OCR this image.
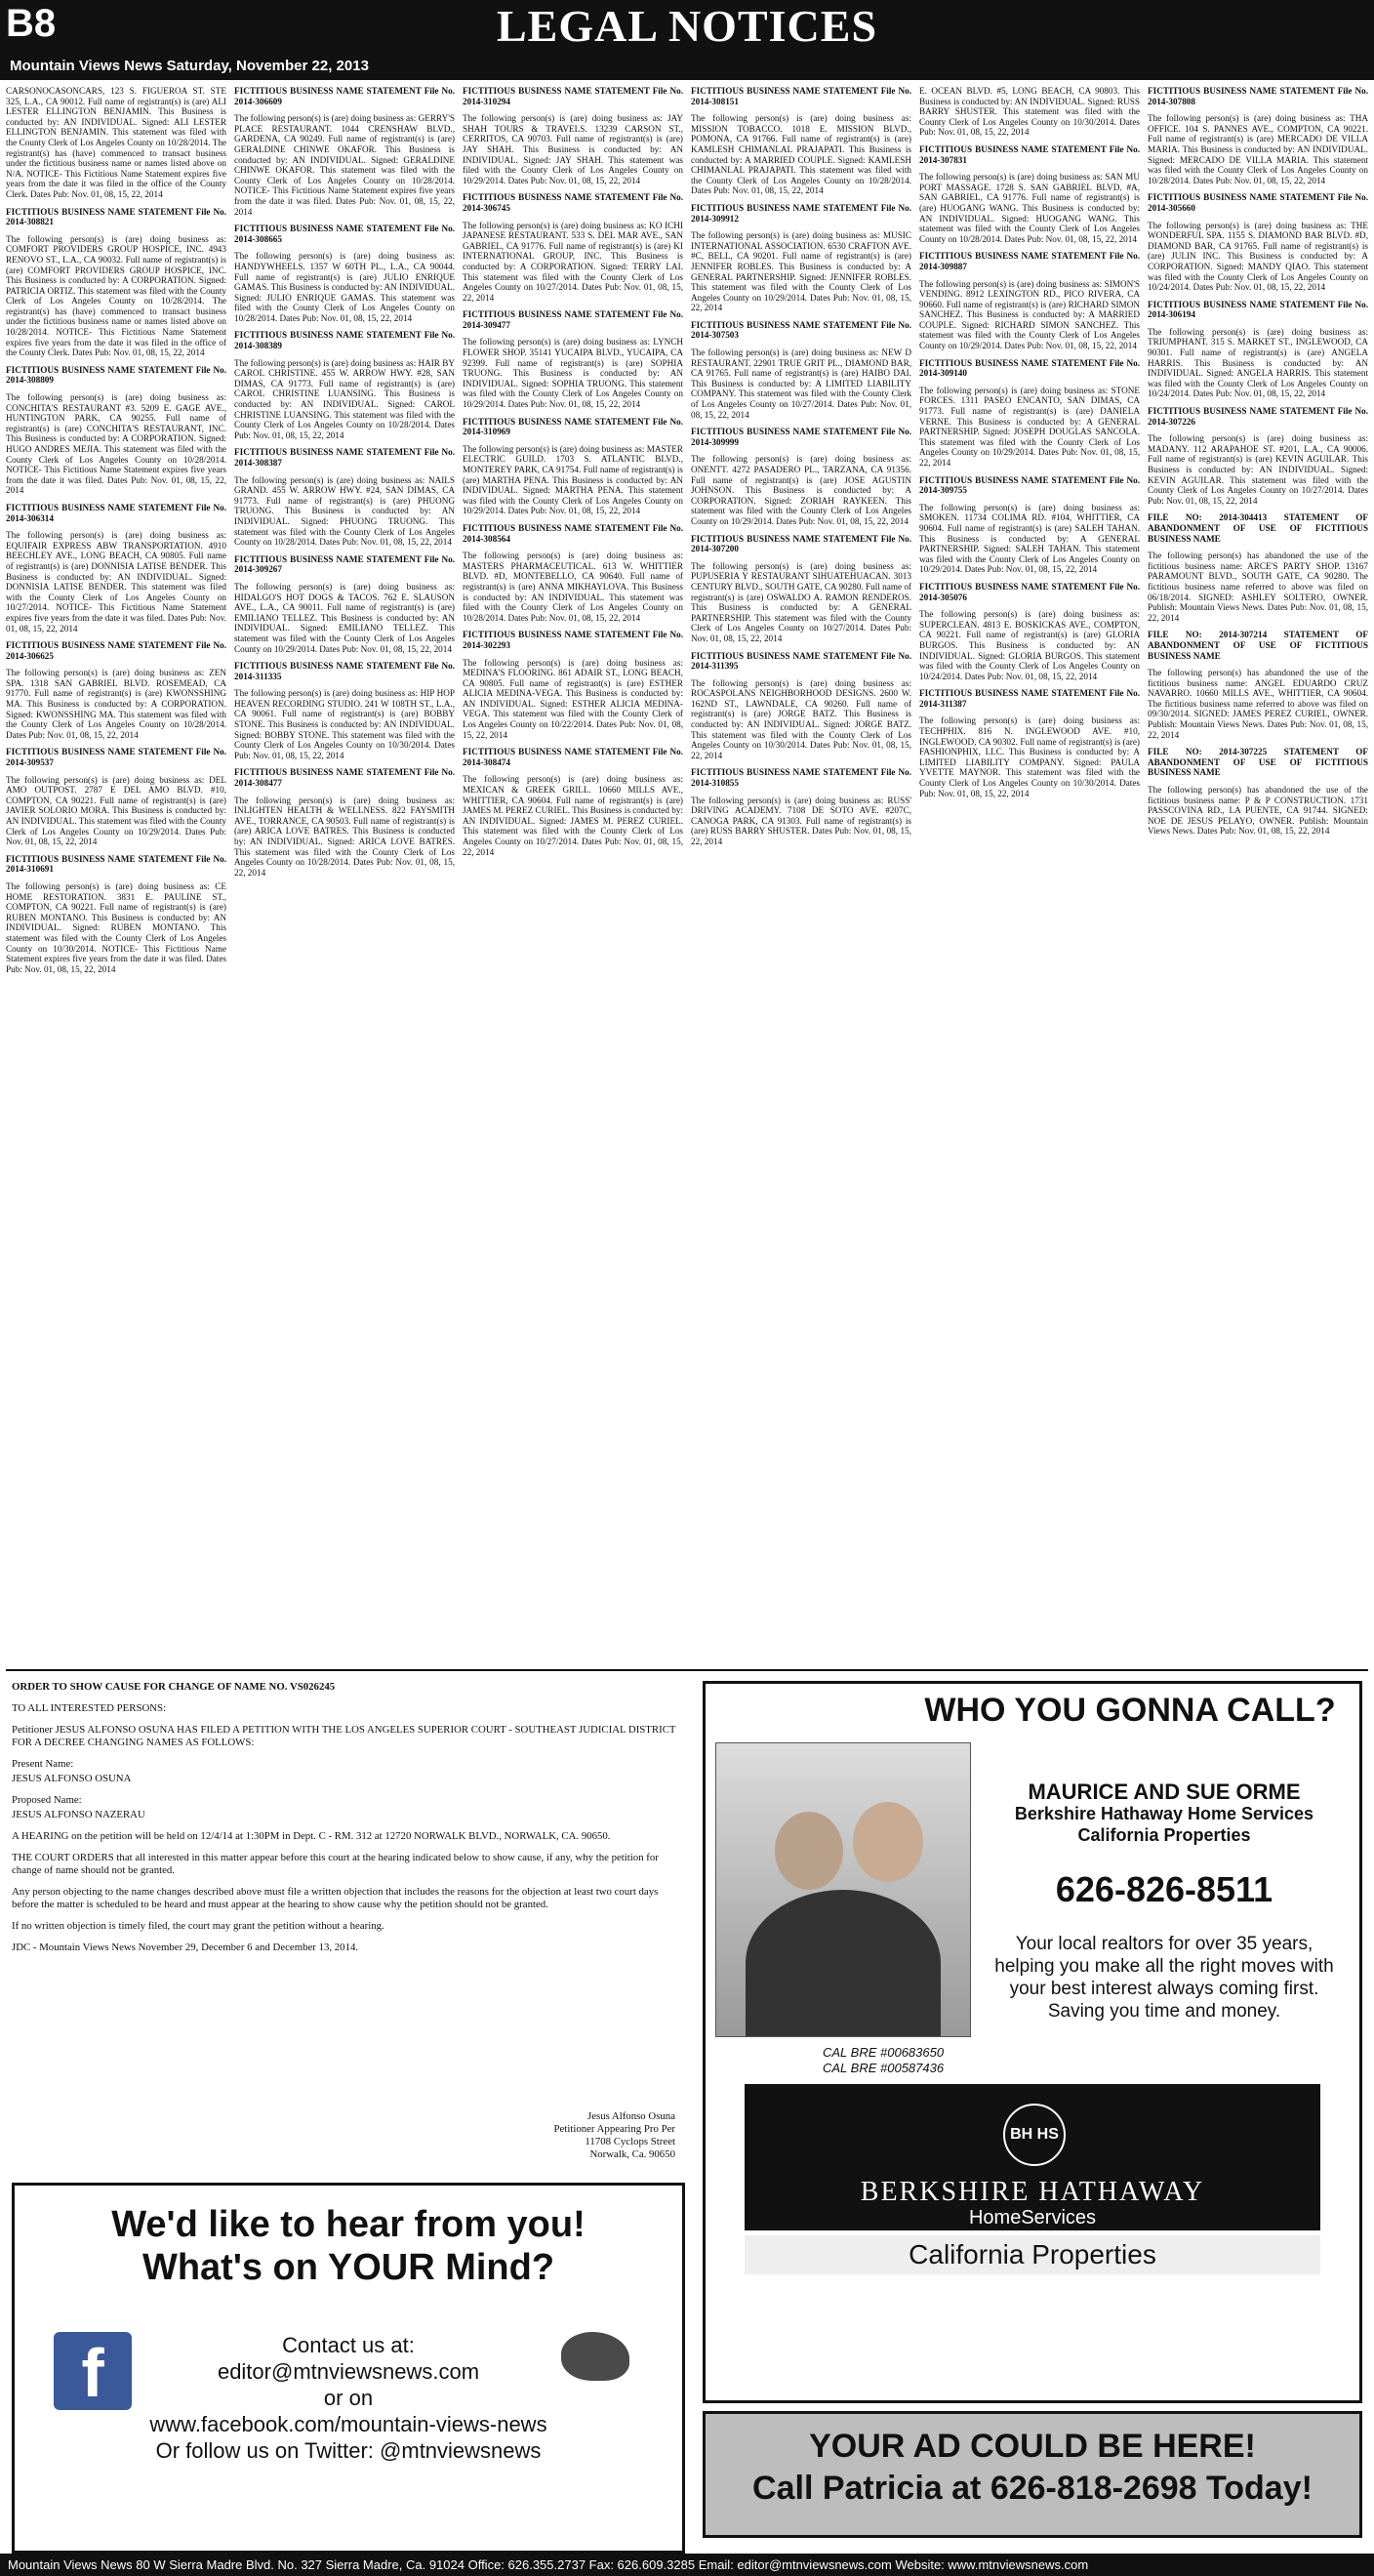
B8	LEGAL NOTICES
Mountain Views News Saturday, November 22, 2013

CARSONOCASONCARS, 123 S. FIGUEROA ST. STE 325, L.A., CA 90012. Full name of registrant(s) is (are) ALI LESTER ELLINGTON BENJAMIN. This Business is conducted by: AN INDIVIDUAL. Signed: ALI LESTER ELLINGTON BENJAMIN. This statement was filed with the County Clerk of Los Angeles County on 10/28/2014. The registrant(s) has (have) commenced to transact business under the fictitious business name or names listed above on N/A. NOTICE- This Fictitious Name Statement expires five years from the date it was filed in the office of the County Clerk. Dates Pub: Nov. 01, 08, 15, 22, 2014

FICTITIOUS BUSINESS NAME STATEMENT File No. 2014-308821

The following person(s) is (are) doing business as: COMFORT PROVIDERS GROUP HOSPICE, INC. 4943 RENOVO ST., L.A., CA 90032. Full name of registrant(s) is (are) COMFORT PROVIDERS GROUP HOSPICE, INC. This Business is conducted by: A CORPORATION. Signed: PATRICIA ORTIZ. This statement was filed with the County Clerk of Los Angeles County on 10/28/2014. The registrant(s) has (have) commenced to transact business under the fictitious business name or names listed above on 10/28/2014. NOTICE- This Fictitious Name Statement expires five years from the date it was filed in the office of the County Clerk. Dates Pub: Nov. 01, 08, 15, 22, 2014

FICTITIOUS BUSINESS NAME STATEMENT File No. 2014-308809

The following person(s) is (are) doing business as: CONCHITA'S RESTAURANT #3. 5209 E. GAGE AVE., HUNTINGTON PARK, CA 90255. Full name of registrant(s) is (are) CONCHITA'S RESTAURANT, INC. This Business is conducted by: A CORPORATION. Signed: HUGO ANDRES MEJIA. This statement was filed with the County Clerk of Los Angeles County on 10/28/2014. NOTICE- This Fictitious Name Statement expires five years from the date it was filed. Dates Pub: Nov. 01, 08, 15, 22, 2014

FICTITIOUS BUSINESS NAME STATEMENT File No. 2014-306314

The following person(s) is (are) doing business as: EQUIFAIR EXPRESS ABW TRANSPORTATION. 4910 BEECHLEY AVE., LONG BEACH, CA 90805. Full name of registrant(s) is (are) DONNISIA LATISE BENDER. This Business is conducted by: AN INDIVIDUAL. Signed: DONNISIA LATISE BENDER. This statement was filed with the County Clerk of Los Angeles County on 10/27/2014. NOTICE- This Fictitious Name Statement expires five years from the date it was filed. Dates Pub: Nov. 01, 08, 15, 22, 2014

FICTITIOUS BUSINESS NAME STATEMENT File No. 2014-306625

The following person(s) is (are) doing business as: ZEN SPA. 1318 SAN GABRIEL BLVD. ROSEMEAD, CA 91770. Full name of registrant(s) is (are) KWONSSHING MA. This Business is conducted by: A CORPORATION. Signed: KWONSSHING MA. This statement was filed with the County Clerk of Los Angeles County on 10/28/2014. Dates Pub: Nov. 01, 08, 15, 22, 2014

FICTITIOUS BUSINESS NAME STATEMENT File No. 2014-309537

The following person(s) is (are) doing business as: DEL AMO OUTPOST. 2787 E DEL AMO BLVD. #10, COMPTON, CA 90221. Full name of registrant(s) is (are) JAVIER SOLORIO MORA. This Business is conducted by: AN INDIVIDUAL. This statement was filed with the County Clerk of Los Angeles County on 10/29/2014. Dates Pub: Nov. 01, 08, 15, 22, 2014

FICTITIOUS BUSINESS NAME STATEMENT File No. 2014-310691

The following person(s) is (are) doing business as: CE HOME RESTORATION. 3831 E. PAULINE ST., COMPTON, CA 90221. Full name of registrant(s) is (are) RUBEN MONTANO. This Business is conducted by: AN INDIVIDUAL. Signed: RUBEN MONTANO. This statement was filed with the County Clerk of Los Angeles County on 10/30/2014. NOTICE- This Fictitious Name Statement expires five years from the date it was filed. Dates Pub: Nov. 01, 08, 15, 22, 2014

FICTITIOUS BUSINESS NAME STATEMENT File No. 2014-306609

The following person(s) is (are) doing business as: GERRY'S PLACE RESTAURANT. 1044 CRENSHAW BLVD., GARDENA, CA 90249. Full name of registrant(s) is (are) GERALDINE CHINWE OKAFOR. This Business is conducted by: AN INDIVIDUAL. Signed: GERALDINE CHINWE OKAFOR. This statement was filed with the County Clerk of Los Angeles County on 10/28/2014. NOTICE- This Fictitious Name Statement expires five years from the date it was filed. Dates Pub: Nov. 01, 08, 15, 22, 2014

FICTITIOUS BUSINESS NAME STATEMENT File No. 2014-308665

The following person(s) is (are) doing business as: HANDYWHEELS. 1357 W 60TH PL., L.A., CA 90044. Full name of registrant(s) is (are) JULIO ENRIQUE GAMAS. This Business is conducted by: AN INDIVIDUAL. Signed: JULIO ENRIQUE GAMAS. This statement was filed with the County Clerk of Los Angeles County on 10/28/2014. Dates Pub: Nov. 01, 08, 15, 22, 2014

FICTITIOUS BUSINESS NAME STATEMENT File No. 2014-308389

The following person(s) is (are) doing business as: HAIR BY CAROL CHRISTINE. 455 W. ARROW HWY. #28, SAN DIMAS, CA 91773. Full name of registrant(s) is (are) CAROL CHRISTINE LUANSING. This Business is conducted by: AN INDIVIDUAL. Signed: CAROL CHRISTINE LUANSING. This statement was filed with the County Clerk of Los Angeles County on 10/28/2014. Dates Pub: Nov. 01, 08, 15, 22, 2014

FICTITIOUS BUSINESS NAME STATEMENT File No. 2014-308387

The following person(s) is (are) doing business as: NAILS GRAND. 455 W. ARROW HWY. #24, SAN DIMAS, CA 91773. Full name of registrant(s) is (are) PHUONG TRUONG. This Business is conducted by: AN INDIVIDUAL. Signed: PHUONG TRUONG. This statement was filed with the County Clerk of Los Angeles County on 10/28/2014. Dates Pub: Nov. 01, 08, 15, 22, 2014

FICTITIOUS BUSINESS NAME STATEMENT File No. 2014-309267

The following person(s) is (are) doing business as: HIDALGO'S HOT DOGS & TACOS. 762 E. SLAUSON AVE., L.A., CA 90011. Full name of registrant(s) is (are) EMILIANO TELLEZ. This Business is conducted by: AN INDIVIDUAL. Signed: EMILIANO TELLEZ. This statement was filed with the County Clerk of Los Angeles County on 10/29/2014. Dates Pub: Nov. 01, 08, 15, 22, 2014

FICTITIOUS BUSINESS NAME STATEMENT File No. 2014-311335

The following person(s) is (are) doing business as: HIP HOP HEAVEN RECORDING STUDIO. 241 W 108TH ST., L.A., CA 90061. Full name of registrant(s) is (are) BOBBY STONE. This Business is conducted by: AN INDIVIDUAL. Signed: BOBBY STONE. This statement was filed with the County Clerk of Los Angeles County on 10/30/2014. Dates Pub: Nov. 01, 08, 15, 22, 2014

FICTITIOUS BUSINESS NAME STATEMENT File No. 2014-308477

The following person(s) is (are) doing business as: INLIGHTEN HEALTH & WELLNESS. 822 FAYSMITH AVE., TORRANCE, CA 90503. Full name of registrant(s) is (are) ARICA LOVE BATRES. This Business is conducted by: AN INDIVIDUAL. Signed: ARICA LOVE BATRES. This statement was filed with the County Clerk of Los Angeles County on 10/28/2014. Dates Pub: Nov. 01, 08, 15, 22, 2014

FICTITIOUS BUSINESS NAME STATEMENT File No. 2014-310294

The following person(s) is (are) doing business as: JAY SHAH TOURS & TRAVELS. 13239 CARSON ST., CERRITOS, CA 90703. Full name of registrant(s) is (are) JAY SHAH. This Business is conducted by: AN INDIVIDUAL. Signed: JAY SHAH. This statement was filed with the County Clerk of Los Angeles County on 10/29/2014. Dates Pub: Nov. 01, 08, 15, 22, 2014

FICTITIOUS BUSINESS NAME STATEMENT File No. 2014-306745

The following person(s) is (are) doing business as: KO ICHI JAPANESE RESTAURANT. 533 S. DEL MAR AVE., SAN GABRIEL, CA 91776. Full name of registrant(s) is (are) KI INTERNATIONAL GROUP, INC. This Business is conducted by: A CORPORATION. Signed: TERRY LAI. This statement was filed with the County Clerk of Los Angeles County on 10/27/2014. Dates Pub: Nov. 01, 08, 15, 22, 2014

FICTITIOUS BUSINESS NAME STATEMENT File No. 2014-309477

The following person(s) is (are) doing business as: LYNCH FLOWER SHOP. 35141 YUCAIPA BLVD., YUCAIPA, CA 92399. Full name of registrant(s) is (are) SOPHIA TRUONG. This Business is conducted by: AN INDIVIDUAL. Signed: SOPHIA TRUONG. This statement was filed with the County Clerk of Los Angeles County on 10/29/2014. Dates Pub: Nov. 01, 08, 15, 22, 2014

FICTITIOUS BUSINESS NAME STATEMENT File No. 2014-310969

The following person(s) is (are) doing business as: MASTER ELECTRIC GUILD. 1703 S. ATLANTIC BLVD., MONTEREY PARK, CA 91754. Full name of registrant(s) is (are) MARTHA PENA. This Business is conducted by: AN INDIVIDUAL. Signed: MARTHA PENA. This statement was filed with the County Clerk of Los Angeles County on 10/29/2014. Dates Pub: Nov. 01, 08, 15, 22, 2014

FICTITIOUS BUSINESS NAME STATEMENT File No. 2014-308564

The following person(s) is (are) doing business as: MASTERS PHARMACEUTICAL. 613 W. WHITTIER BLVD. #D, MONTEBELLO, CA 90640. Full name of registrant(s) is (are) ANNA MIKHAYLOVA. This Business is conducted by: AN INDIVIDUAL. This statement was filed with the County Clerk of Los Angeles County on 10/28/2014. Dates Pub: Nov. 01, 08, 15, 22, 2014

FICTITIOUS BUSINESS NAME STATEMENT File No. 2014-302293

The following person(s) is (are) doing business as: MEDINA'S FLOORING. 861 ADAIR ST., LONG BEACH, CA 90805. Full name of registrant(s) is (are) ESTHER ALICIA MEDINA-VEGA. This Business is conducted by: AN INDIVIDUAL. Signed: ESTHER ALICIA MEDINA-VEGA. This statement was filed with the County Clerk of Los Angeles County on 10/22/2014. Dates Pub: Nov. 01, 08, 15, 22, 2014

FICTITIOUS BUSINESS NAME STATEMENT File No. 2014-308474

The following person(s) is (are) doing business as: MEXICAN & GREEK GRILL. 10660 MILLS AVE., WHITTIER, CA 90604. Full name of registrant(s) is (are) JAMES M. PEREZ CURIEL. This Business is conducted by: AN INDIVIDUAL. Signed: JAMES M. PEREZ CURIEL. This statement was filed with the County Clerk of Los Angeles County on 10/27/2014. Dates Pub: Nov. 01, 08, 15, 22, 2014

FICTITIOUS BUSINESS NAME STATEMENT File No. 2014-308151

The following person(s) is (are) doing business as: MISSION TOBACCO. 1018 E. MISSION BLVD., POMONA, CA 91766. Full name of registrant(s) is (are) KAMLESH CHIMANLAL PRAJAPATI. This Business is conducted by: A MARRIED COUPLE. Signed: KAMLESH CHIMANLAL PRAJAPATI. This statement was filed with the County Clerk of Los Angeles County on 10/28/2014. Dates Pub: Nov. 01, 08, 15, 22, 2014

FICTITIOUS BUSINESS NAME STATEMENT File No. 2014-309912

The following person(s) is (are) doing business as: MUSIC INTERNATIONAL ASSOCIATION. 6530 CRAFTON AVE. #C, BELL, CA 90201. Full name of registrant(s) is (are) JENNIFER ROBLES. This Business is conducted by: A GENERAL PARTNERSHIP. Signed: JENNIFER ROBLES. This statement was filed with the County Clerk of Los Angeles County on 10/29/2014. Dates Pub: Nov. 01, 08, 15, 22, 2014

FICTITIOUS BUSINESS NAME STATEMENT File No. 2014-307503

The following person(s) is (are) doing business as: NEW D RESTAURANT. 22901 TRUE GRIT PL., DIAMOND BAR, CA 91765. Full name of registrant(s) is (are) HAIBO DAI. This Business is conducted by: A LIMITED LIABILITY COMPANY. This statement was filed with the County Clerk of Los Angeles County on 10/27/2014. Dates Pub: Nov. 01, 08, 15, 22, 2014

FICTITIOUS BUSINESS NAME STATEMENT File No. 2014-309999

The following person(s) is (are) doing business as: ONENTT. 4272 PASADERO PL., TARZANA, CA 91356. Full name of registrant(s) is (are) JOSE AGUSTIN JOHNSON. This Business is conducted by: A CORPORATION. Signed: ZORIAH RAYKEEN. This statement was filed with the County Clerk of Los Angeles County on 10/29/2014. Dates Pub: Nov. 01, 08, 15, 22, 2014

FICTITIOUS BUSINESS NAME STATEMENT File No. 2014-307200

The following person(s) is (are) doing business as: PUPUSERIA Y RESTAURANT SIHUATEHUACAN. 3013 CENTURY BLVD., SOUTH GATE, CA 90280. Full name of registrant(s) is (are) OSWALDO A. RAMON RENDEROS. This Business is conducted by: A GENERAL PARTNERSHIP. This statement was filed with the County Clerk of Los Angeles County on 10/27/2014. Dates Pub: Nov. 01, 08, 15, 22, 2014

FICTITIOUS BUSINESS NAME STATEMENT File No. 2014-311395

The following person(s) is (are) doing business as: ROCASPOLANS NEIGHBORHOOD DESIGNS. 2600 W. 162ND ST., LAWNDALE, CA 90260. Full name of registrant(s) is (are) JORGE BATZ. This Business is conducted by: AN INDIVIDUAL. Signed: JORGE BATZ. This statement was filed with the County Clerk of Los Angeles County on 10/30/2014. Dates Pub: Nov. 01, 08, 15, 22, 2014

FICTITIOUS BUSINESS NAME STATEMENT File No. 2014-310855

The following person(s) is (are) doing business as: RUSS' DRIVING ACADEMY. 7108 DE SOTO AVE. #207C, CANOGA PARK, CA 91303. Full name of registrant(s) is (are) RUSS BARRY SHUSTER. Dates Pub: Nov. 01, 08, 15, 22, 2014

E. OCEAN BLVD. #5, LONG BEACH, CA 90803. This Business is conducted by: AN INDIVIDUAL. Signed: RUSS BARRY SHUSTER. This statement was filed with the County Clerk of Los Angeles County on 10/30/2014. Dates Pub: Nov. 01, 08, 15, 22, 2014

FICTITIOUS BUSINESS NAME STATEMENT File No. 2014-307831

The following person(s) is (are) doing business as: SAN MU PORT MASSAGE. 1728 S. SAN GABRIEL BLVD. #A, SAN GABRIEL, CA 91776. Full name of registrant(s) is (are) HUOGANG WANG. This Business is conducted by: AN INDIVIDUAL. Signed: HUOGANG WANG. This statement was filed with the County Clerk of Los Angeles County on 10/28/2014. Dates Pub: Nov. 01, 08, 15, 22, 2014

FICTITIOUS BUSINESS NAME STATEMENT File No. 2014-309887

The following person(s) is (are) doing business as: SIMON'S VENDING. 8912 LEXINGTON RD., PICO RIVERA, CA 90660. Full name of registrant(s) is (are) RICHARD SIMON SANCHEZ. This Business is conducted by: A MARRIED COUPLE. Signed: RICHARD SIMON SANCHEZ. This statement was filed with the County Clerk of Los Angeles County on 10/29/2014. Dates Pub: Nov. 01, 08, 15, 22, 2014

FICTITIOUS BUSINESS NAME STATEMENT File No. 2014-309140

The following person(s) is (are) doing business as: STONE FORCES. 1311 PASEO ENCANTO, SAN DIMAS, CA 91773. Full name of registrant(s) is (are) DANIELA VERNE. This Business is conducted by: A GENERAL PARTNERSHIP. Signed: JOSEPH DOUGLAS SANCOLA. This statement was filed with the County Clerk of Los Angeles County on 10/29/2014. Dates Pub: Nov. 01, 08, 15, 22, 2014

FICTITIOUS BUSINESS NAME STATEMENT File No. 2014-309755

The following person(s) is (are) doing business as: SMOKEN. 11734 COLIMA RD. #104, WHITTIER, CA 90604. Full name of registrant(s) is (are) SALEH TAHAN. This Business is conducted by: A GENERAL PARTNERSHIP. Signed: SALEH TAHAN. This statement was filed with the County Clerk of Los Angeles County on 10/29/2014. Dates Pub: Nov. 01, 08, 15, 22, 2014

FICTITIOUS BUSINESS NAME STATEMENT File No. 2014-305076

The following person(s) is (are) doing business as: SUPERCLEAN. 4813 E. BOSKICKAS AVE., COMPTON, CA 90221. Full name of registrant(s) is (are) GLORIA BURGOS. This Business is conducted by: AN INDIVIDUAL. Signed: GLORIA BURGOS. This statement was filed with the County Clerk of Los Angeles County on 10/24/2014. Dates Pub: Nov. 01, 08, 15, 22, 2014

FICTITIOUS BUSINESS NAME STATEMENT File No. 2014-311387

The following person(s) is (are) doing business as: TECHPHIX. 816 N. INGLEWOOD AVE. #10, INGLEWOOD, CA 90302. Full name of registrant(s) is (are) FASHIONPHIX, LLC. This Business is conducted by: A LIMITED LIABILITY COMPANY. Signed: PAULA YVETTE MAYNOR. This statement was filed with the County Clerk of Los Angeles County on 10/30/2014. Dates Pub: Nov. 01, 08, 15, 22, 2014

FICTITIOUS BUSINESS NAME STATEMENT File No. 2014-307808

The following person(s) is (are) doing business as: THA OFFICE. 104 S. PANNES AVE., COMPTON, CA 90221. Full name of registrant(s) is (are) MERCADO DE VILLA MARIA. This Business is conducted by: AN INDIVIDUAL. Signed: MERCADO DE VILLA MARIA. This statement was filed with the County Clerk of Los Angeles County on 10/28/2014. Dates Pub: Nov. 01, 08, 15, 22, 2014

FICTITIOUS BUSINESS NAME STATEMENT File No. 2014-305660

The following person(s) is (are) doing business as: THE WONDERFUL SPA. 1155 S. DIAMOND BAR BLVD. #D, DIAMOND BAR, CA 91765. Full name of registrant(s) is (are) JULIN INC. This Business is conducted by: A CORPORATION. Signed: MANDY QIAO. This statement was filed with the County Clerk of Los Angeles County on 10/24/2014. Dates Pub: Nov. 01, 08, 15, 22, 2014

FICTITIOUS BUSINESS NAME STATEMENT File No. 2014-306194

The following person(s) is (are) doing business as: TRIUMPHANT. 315 S. MARKET ST., INGLEWOOD, CA 90301. Full name of registrant(s) is (are) ANGELA HARRIS. This Business is conducted by: AN INDIVIDUAL. Signed: ANGELA HARRIS. This statement was filed with the County Clerk of Los Angeles County on 10/24/2014. Dates Pub: Nov. 01, 08, 15, 22, 2014

FICTITIOUS BUSINESS NAME STATEMENT File No. 2014-307226

The following person(s) is (are) doing business as: MADANY. 112 ARAPAHOE ST. #201, L.A., CA 90006. Full name of registrant(s) is (are) KEVIN AGUILAR. This Business is conducted by: AN INDIVIDUAL. Signed: KEVIN AGUILAR. This statement was filed with the County Clerk of Los Angeles County on 10/27/2014. Dates Pub: Nov. 01, 08, 15, 22, 2014

FILE NO: 2014-304413 STATEMENT OF ABANDONMENT OF USE OF FICTITIOUS BUSINESS NAME

The following person(s) has abandoned the use of the fictitious business name: ARCE'S PARTY SHOP. 13167 PARAMOUNT BLVD., SOUTH GATE, CA 90280. The fictitious business name referred to above was filed on 06/18/2014. SIGNED: ASHLEY SOLTERO, OWNER. Publish: Mountain Views News. Dates Pub: Nov. 01, 08, 15, 22, 2014

FILE NO: 2014-307214 STATEMENT OF ABANDONMENT OF USE OF FICTITIOUS BUSINESS NAME

The following person(s) has abandoned the use of the fictitious business name: ANGEL EDUARDO CRUZ NAVARRO. 10660 MILLS AVE., WHITTIER, CA 90604. The fictitious business name referred to above was filed on 09/30/2014. SIGNED: JAMES PEREZ CURIEL, OWNER. Publish: Mountain Views News. Dates Pub: Nov. 01, 08, 15, 22, 2014

FILE NO: 2014-307225 STATEMENT OF ABANDONMENT OF USE OF FICTITIOUS BUSINESS NAME

The following person(s) has abandoned the use of the fictitious business name: P & P CONSTRUCTION. 1731 PASSCOVINA RD., LA PUENTE, CA 91744. SIGNED: NOE DE JESUS PELAYO, OWNER. Publish: Mountain Views News. Dates Pub: Nov. 01, 08, 15, 22, 2014

ORDER TO SHOW CAUSE FOR CHANGE OF NAME NO. VS026245

TO ALL INTERESTED PERSONS:

Petitioner JESUS ALFONSO OSUNA HAS FILED A PETITION WITH THE LOS ANGELES SUPERIOR COURT - SOUTHEAST JUDICIAL DISTRICT FOR A DECREE CHANGING NAMES AS FOLLOWS:

Present Name:

JESUS ALFONSO OSUNA

Proposed Name:

JESUS ALFONSO NAZERAU

A HEARING on the petition will be held on 12/4/14 at 1:30PM in Dept. C - RM. 312 at 12720 NORWALK BLVD., NORWALK, CA. 90650.

THE COURT ORDERS that all interested in this matter appear before this court at the hearing indicated below to show cause, if any, why the petition for change of name should not be granted.

Any person objecting to the name changes described above must file a written objection that includes the reasons for the objection at least two court days before the matter is scheduled to be heard and must appear at the hearing to show cause why the petition should not be granted.

If no written objection is timely filed, the court may grant the petition without a hearing.

JDC - Mountain Views News November 29, December 6 and December 13, 2014.

Jesus Alfonso Osuna
Petitioner Appearing Pro Per
11708 Cyclops Street
Norwalk, Ca. 90650
WHO YOU GONNA CALL?
MAURICE AND SUE ORME
Berkshire Hathaway Home Services
California Properties
626-826-8511
Your local realtors for over 35 years, helping you make all the right moves with your best interest always coming first. Saving you time and money.
CAL BRE #00683650
CAL BRE #00587436
BH HS
BERKSHIRE HATHAWAY
HomeServices
California Properties
We'd like to hear from you!
What's on YOUR Mind?
f	Contact us at:
editor@mtnviewsnews.com
or on
www.facebook.com/mountain-views-news
Or follow us on Twitter: @mtnviewsnews	YOUR AD COULD BE HERE!
Call Patricia at 626-818-2698 Today!
Mountain Views News 80 W Sierra Madre Blvd. No. 327 Sierra Madre, Ca. 91024 Office: 626.355.2737 Fax: 626.609.3285 Email: editor@mtnviewsnews.com Website: www.mtnviewsnews.com
